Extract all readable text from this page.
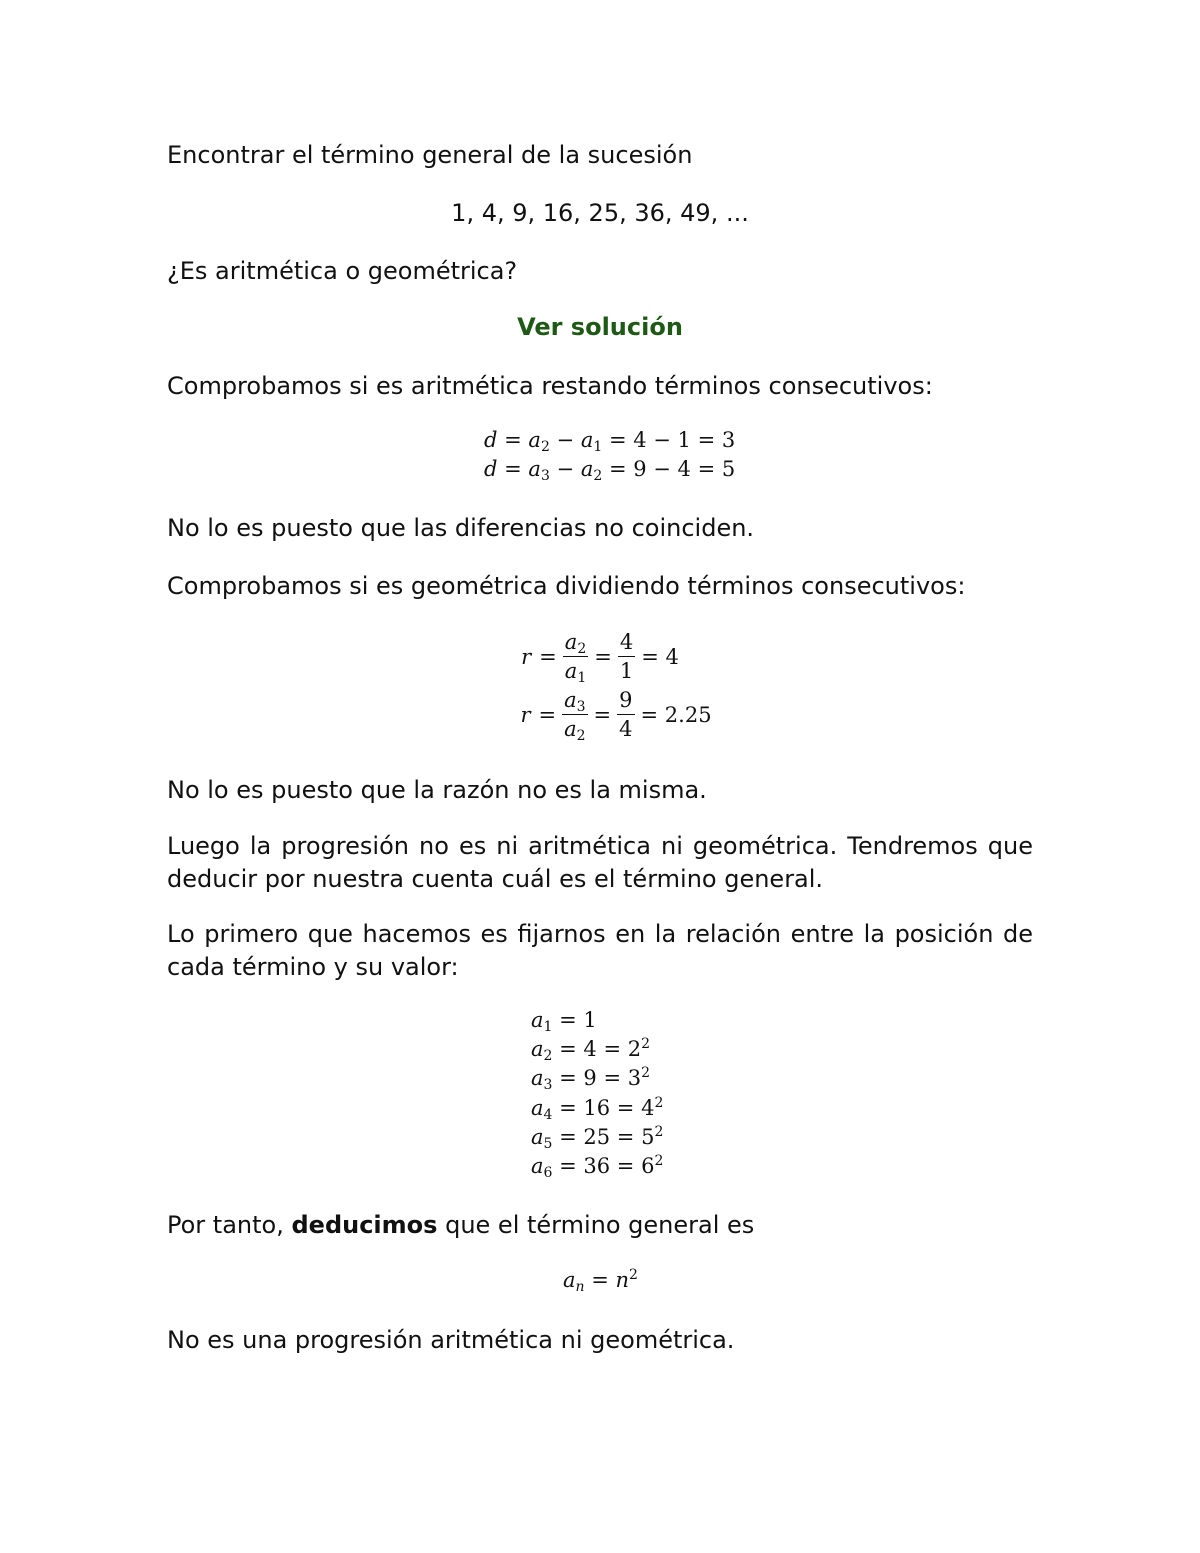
Encontrar el término general de la sucesión

1, 4, 9, 16, 25, 36, 49, ...

¿Es aritmética o geométrica?

Ver solución

Comprobamos si es aritmética restando términos consecutivos:

$d = a_2 - a_1 = 4 - 1 = 3$
$d = a_3 - a_2 = 9 - 4 = 5$

No lo es puesto que las diferencias no coinciden.

Comprobamos si es geométrica dividiendo términos consecutivos:

$r = \frac{a_2}{a_1} = \frac{4}{1} = 4$
$r = \frac{a_3}{a_2} = \frac{9}{4} = 2.25$

No lo es puesto que la razón no es la misma.

Luego la progresión no es ni aritmética ni geométrica. Tendremos que deducir por nuestra cuenta cuál es el término general.

Lo primero que hacemos es fijarnos en la relación entre la posición de cada término y su valor:

$a_1 = 1$
$a_2 = 4 = 2^2$
$a_3 = 9 = 3^2$
$a_4 = 16 = 4^2$
$a_5 = 25 = 5^2$
$a_6 = 36 = 6^2$

Por tanto, deducimos que el término general es

$a_n = n^2$

No es una progresión aritmética ni geométrica.
